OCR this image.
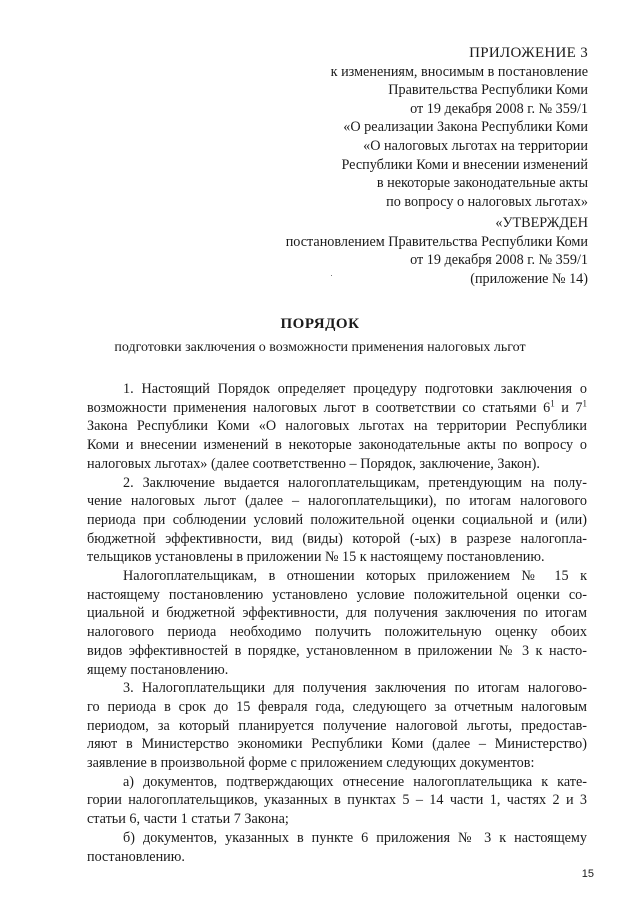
ПРИЛОЖЕНИЕ 3
к изменениям, вносимым в постановление
Правительства Республики Коми
от 19 декабря 2008 г. № 359/1
«О реализации Закона Республики Коми
«О налоговых льготах на территории
Республики Коми и внесении изменений
в некоторые законодательные акты
по вопросу о налоговых льготах»
«УТВЕРЖДЕН
постановлением Правительства Республики Коми
от 19 декабря 2008 г. № 359/1
(приложение № 14)
ПОРЯДОК
подготовки заключения о возможности применения налоговых льгот
1. Настоящий Порядок определяет процедуру подготовки заключения о
возможности применения налоговых льгот в соответствии со статьями $6^1$ и $7^1$
Закона Республики Коми «О налоговых льготах на территории Республики
Коми и внесении изменений в некоторые законодательные акты по вопросу о
налоговых льготах» (далее соответственно – Порядок, заключение, Закон).
2. Заключение выдается налогоплательщикам, претендующим на полу-
чение налоговых льгот (далее – налогоплательщики), по итогам налогового
периода при соблюдении условий положительной оценки социальной и (или)
бюджетной эффективности, вид (виды) которой (-ых) в разрезе налогопла-
тельщиков установлены в приложении № 15 к настоящему постановлению.
Налогоплательщикам, в отношении которых приложением № 15 к
настоящему постановлению установлено условие положительной оценки со-
циальной и бюджетной эффективности, для получения заключения по итогам
налогового периода необходимо получить положительную оценку обоих
видов эффективностей в порядке, установленном в приложении № 3 к насто-
ящему постановлению.
3. Налогоплательщики для получения заключения по итогам налогово-
го периода в срок до 15 февраля года, следующего за отчетным налоговым
периодом, за который планируется получение налоговой льготы, предостав-
ляют в Министерство экономики Республики Коми (далее – Министерство)
заявление в произвольной форме с приложением следующих документов:
а) документов, подтверждающих отнесение налогоплательщика к кате-
гории налогоплательщиков, указанных в пунктах 5 – 14 части 1, частях 2 и 3
статьи 6, части 1 статьи 7 Закона;
б) документов, указанных в пункте 6 приложения № 3 к настоящему
постановлению.
15
